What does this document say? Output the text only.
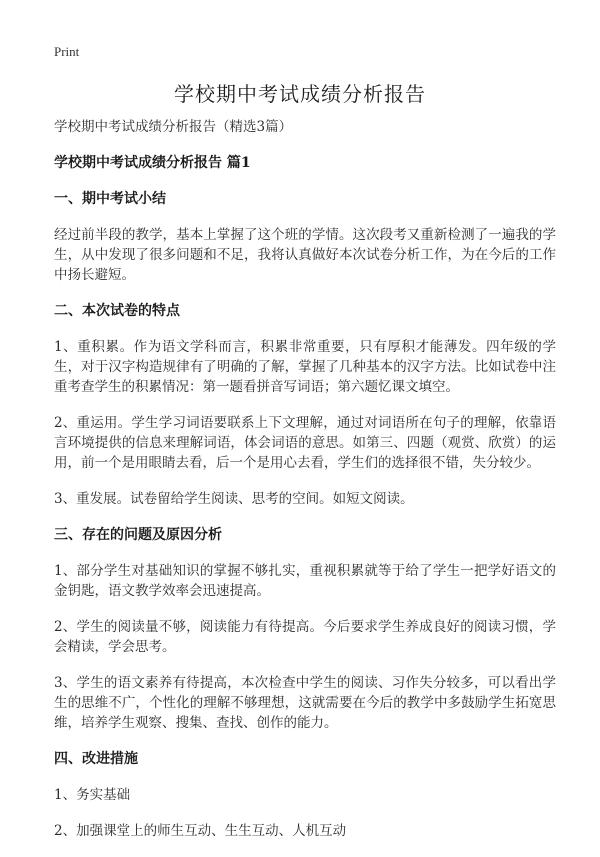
Print
学校期中考试成绩分析报告

学校期中考试成绩分析报告（精选3篇）

学校期中考试成绩分析报告 篇1

一、期中考试小结

经过前半段的教学，基本上掌握了这个班的学情。这次段考又重新检测了一遍我的学生，从中发现了很多问题和不足，我将认真做好本次试卷分析工作，为在今后的工作中扬长避短。

二、本次试卷的特点

1、重积累。作为语文学科而言，积累非常重要，只有厚积才能薄发。四年级的学生，对于汉字构造规律有了明确的了解，掌握了几种基本的汉字方法。比如试卷中注重考查学生的积累情况：第一题看拼音写词语；第六题忆课文填空。

2、重运用。学生学习词语要联系上下文理解，通过对词语所在句子的理解，依靠语言环境提供的信息来理解词语，体会词语的意思。如第三、四题（观赏、欣赏）的运用，前一个是用眼睛去看，后一个是用心去看，学生们的选择很不错，失分较少。

3、重发展。试卷留给学生阅读、思考的空间。如短文阅读。

三、存在的问题及原因分析

1、部分学生对基础知识的掌握不够扎实，重视积累就等于给了学生一把学好语文的金钥匙，语文教学效率会迅速提高。

2、学生的阅读量不够，阅读能力有待提高。今后要求学生养成良好的阅读习惯，学会精读，学会思考。

3、学生的语文素养有待提高，本次检查中学生的阅读、习作失分较多，可以看出学生的思维不广，个性化的理解不够理想，这就需要在今后的教学中多鼓励学生拓宽思维，培养学生观察、搜集、查找、创作的能力。

四、改进措施

1、务实基础

2、加强课堂上的师生互动、生生互动、人机互动
